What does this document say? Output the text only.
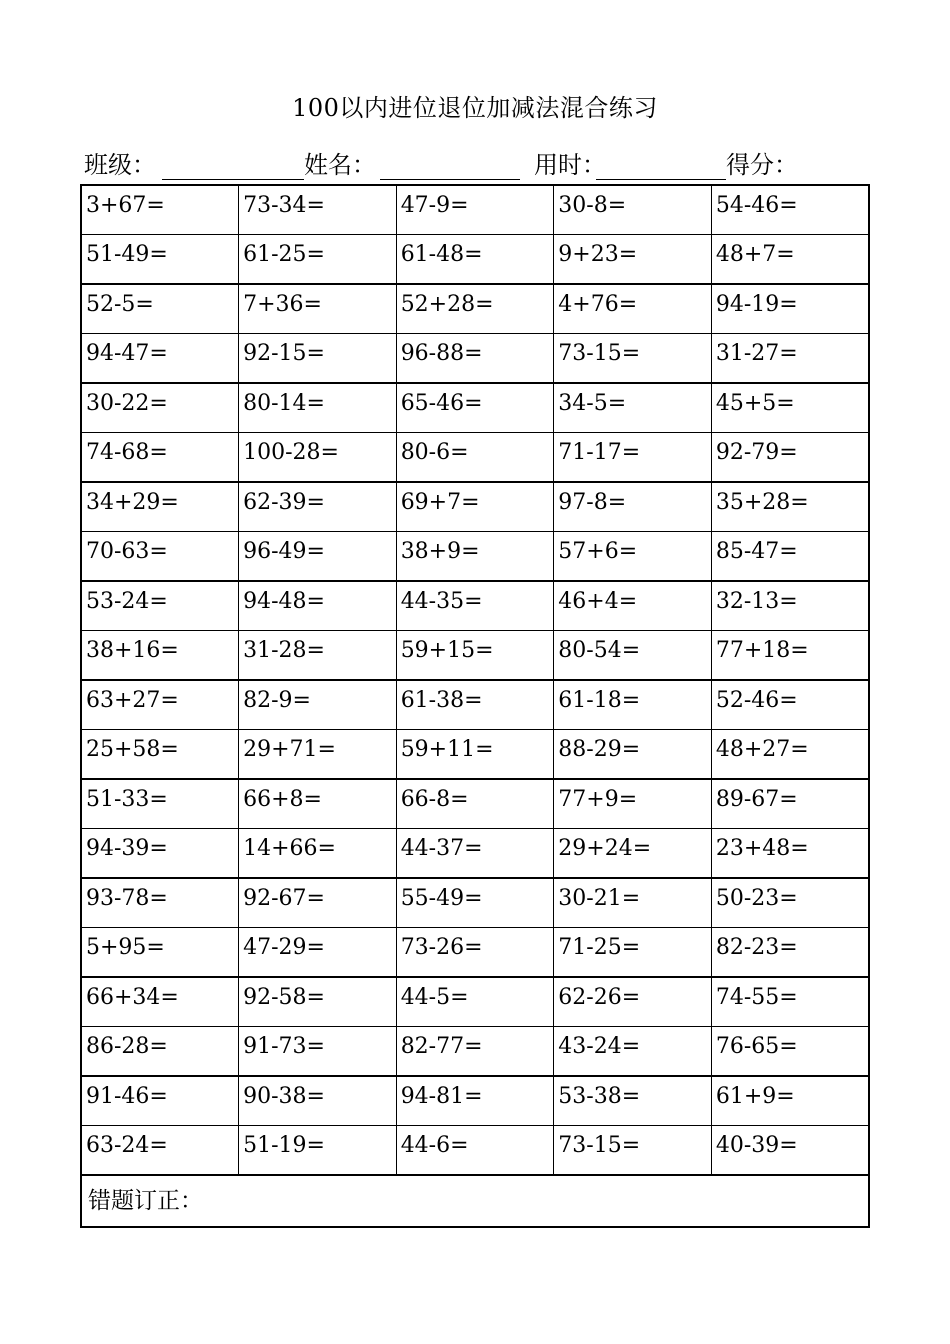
100以内进位退位加减法混合练习
班级：	姓名：	用时：	得分：
3+67=	73-34=	47-9=	30-8=	54-46=
51-49=	61-25=	61-48=	9+23=	48+7=
52-5=	7+36=	52+28=	4+76=	94-19=
94-47=	92-15=	96-88=	73-15=	31-27=
30-22=	80-14=	65-46=	34-5=	45+5=
74-68=	100-28=	80-6=	71-17=	92-79=
34+29=	62-39=	69+7=	97-8=	35+28=
70-63=	96-49=	38+9=	57+6=	85-47=
53-24=	94-48=	44-35=	46+4=	32-13=
38+16=	31-28=	59+15=	80-54=	77+18=
63+27=	82-9=	61-38=	61-18=	52-46=
25+58=	29+71=	59+11=	88-29=	48+27=
51-33=	66+8=	66-8=	77+9=	89-67=
94-39=	14+66=	44-37=	29+24=	23+48=
93-78=	92-67=	55-49=	30-21=	50-23=
5+95=	47-29=	73-26=	71-25=	82-23=
66+34=	92-58=	44-5=	62-26=	74-55=
86-28=	91-73=	82-77=	43-24=	76-65=
91-46=	90-38=	94-81=	53-38=	61+9=
63-24=	51-19=	44-6=	73-15=	40-39=
错题订正：				
